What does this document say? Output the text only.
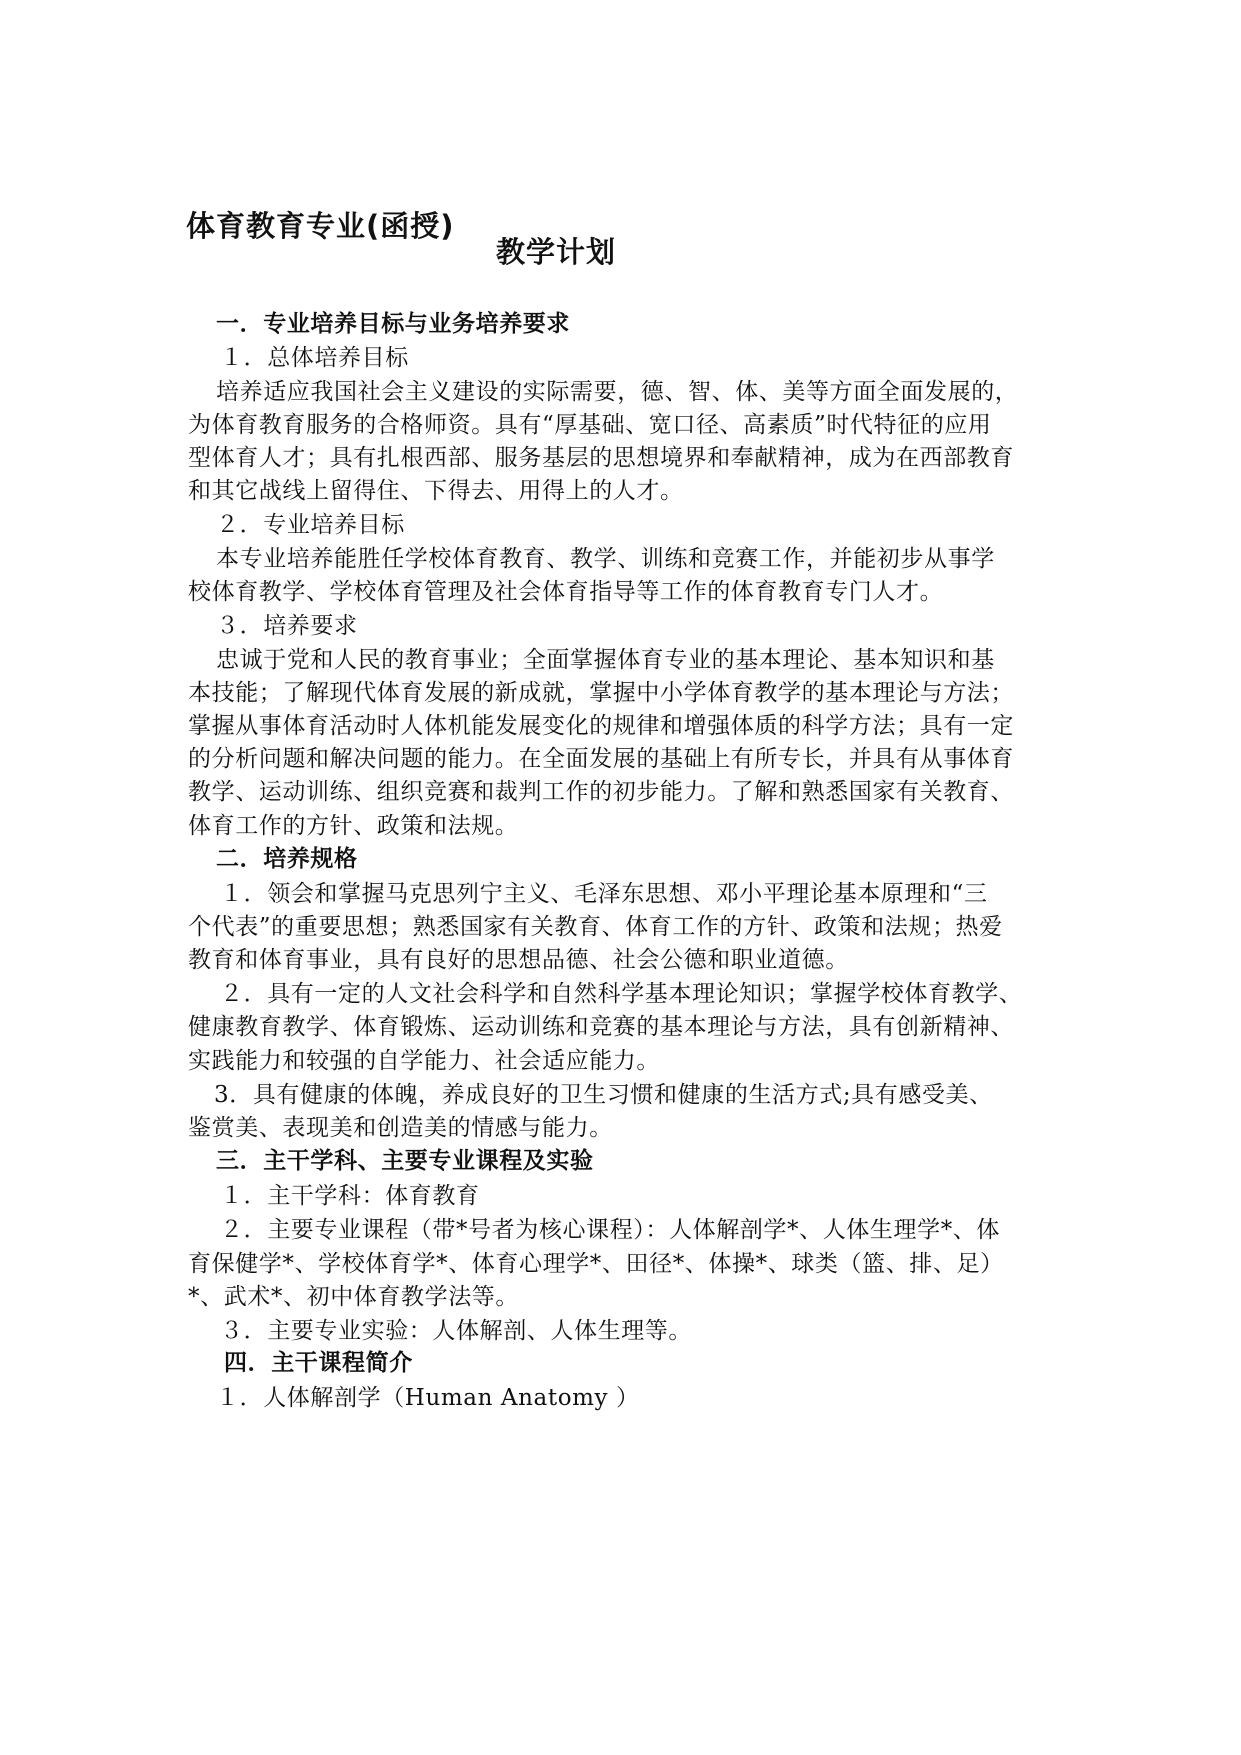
体育教育专业(函授)
教学计划
一．专业培养目标与业务培养要求
１．总体培养目标
培养适应我国社会主义建设的实际需要，德、智、体、美等方面全面发展的，
为体育教育服务的合格师资。具有“厚基础、宽口径、高素质”时代特征的应用
型体育人才；具有扎根西部、服务基层的思想境界和奉献精神，成为在西部教育
和其它战线上留得住、下得去、用得上的人才。
２．专业培养目标
本专业培养能胜任学校体育教育、教学、训练和竞赛工作，并能初步从事学
校体育教学、学校体育管理及社会体育指导等工作的体育教育专门人才。
３．培养要求
忠诚于党和人民的教育事业；全面掌握体育专业的基本理论、基本知识和基
本技能；了解现代体育发展的新成就，掌握中小学体育教学的基本理论与方法；
掌握从事体育活动时人体机能发展变化的规律和增强体质的科学方法；具有一定
的分析问题和解决问题的能力。在全面发展的基础上有所专长，并具有从事体育
教学、运动训练、组织竞赛和裁判工作的初步能力。了解和熟悉国家有关教育、
体育工作的方针、政策和法规。
二．培养规格
１．领会和掌握马克思列宁主义、毛泽东思想、邓小平理论基本原理和“三
个代表”的重要思想；熟悉国家有关教育、体育工作的方针、政策和法规；热爱
教育和体育事业，具有良好的思想品德、社会公德和职业道德。
２．具有一定的人文社会科学和自然科学基本理论知识；掌握学校体育教学、
健康教育教学、体育锻炼、运动训练和竞赛的基本理论与方法，具有创新精神、
实践能力和较强的自学能力、社会适应能力。
3．具有健康的体魄，养成良好的卫生习惯和健康的生活方式;具有感受美、
鉴赏美、表现美和创造美的情感与能力。
三．主干学科、主要专业课程及实验
１．主干学科：体育教育
２．主要专业课程（带*号者为核心课程）：人体解剖学*、人体生理学*、体
育保健学*、学校体育学*、体育心理学*、田径*、体操*、球类（篮、排、足）
*、武术*、初中体育教学法等。
３．主要专业实验：人体解剖、人体生理等。
四．主干课程简介
１．人体解剖学（Human Anatomy ）
